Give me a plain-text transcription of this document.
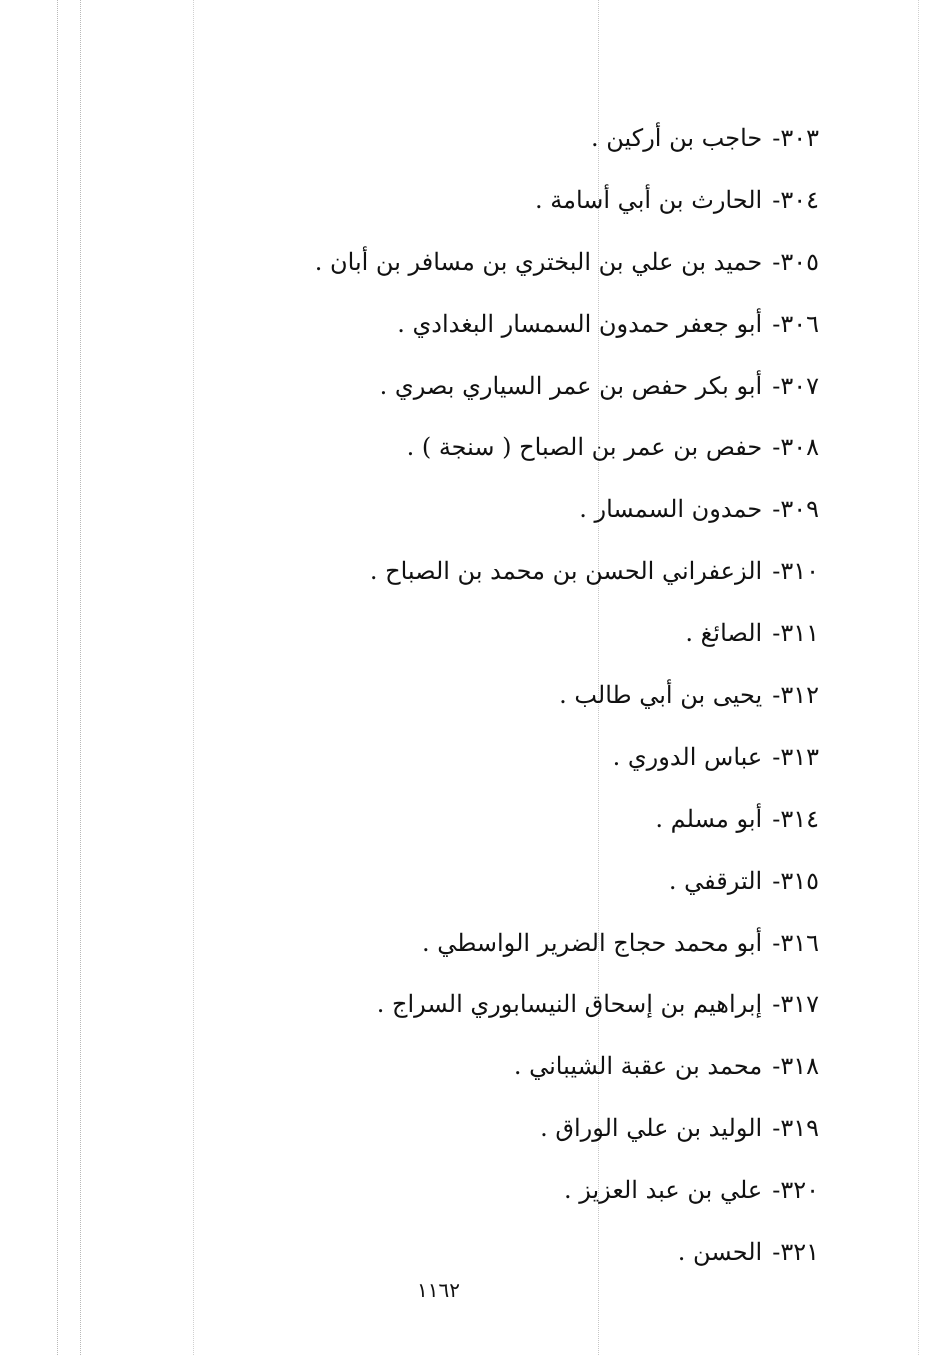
٣٠٣-حاجب بن أركين .
٣٠٤-الحارث بن أبي أسامة .
٣٠٥-حميد بن علي بن البختري بن مسافر بن أبان .
٣٠٦-أبو جعفر حمدون السمسار البغدادي .
٣٠٧-أبو بكر حفص بن عمر السياري بصري .
٣٠٨-حفص بن عمر بن الصباح ( سنجة ) .
٣٠٩-حمدون السمسار .
٣١٠-الزعفراني الحسن بن محمد بن الصباح .
٣١١-الصائغ .
٣١٢-يحيى بن أبي طالب .
٣١٣-عباس الدوري .
٣١٤-أبو مسلم .
٣١٥-الترقفي .
٣١٦-أبو محمد حجاج الضرير الواسطي .
٣١٧-إبراهيم بن إسحاق النيسابوري السراج .
٣١٨-محمد بن عقبة الشيباني .
٣١٩-الوليد بن علي الوراق .
٣٢٠-علي بن عبد العزيز .
٣٢١-الحسن .
١١٦٢
